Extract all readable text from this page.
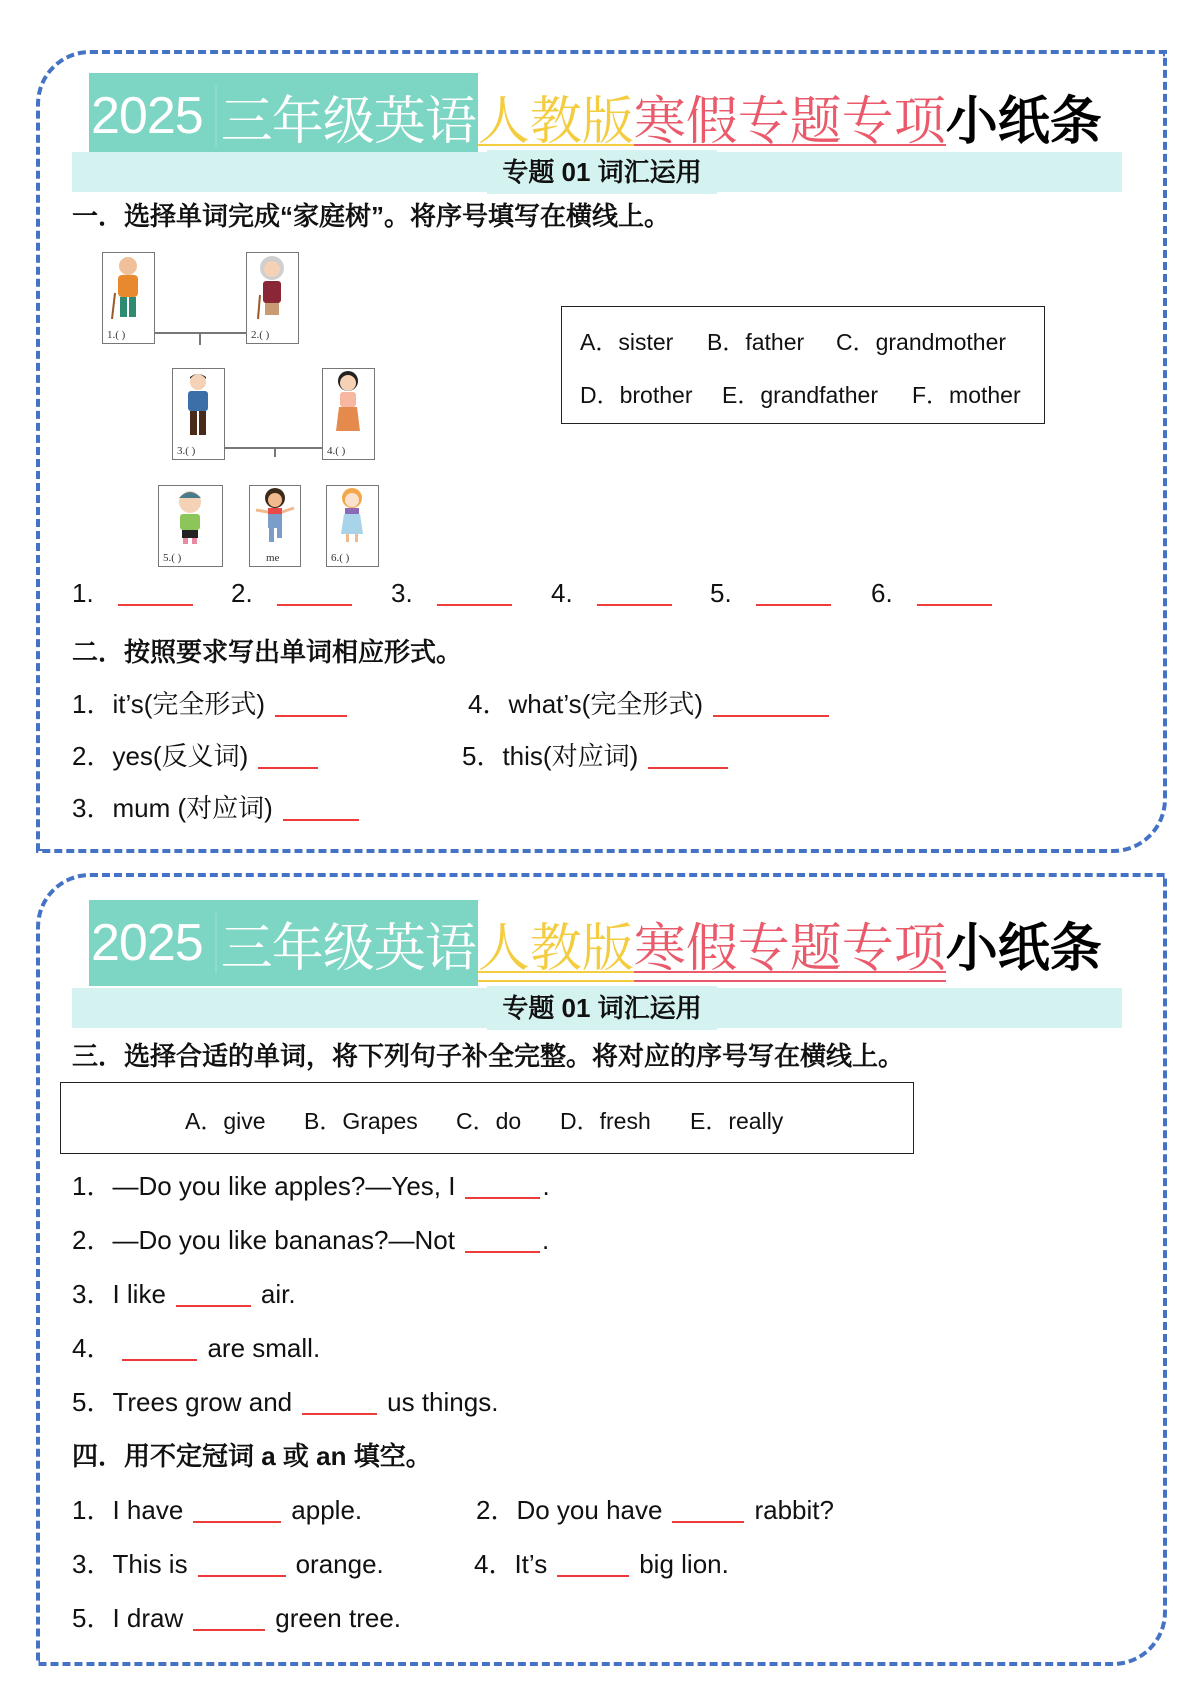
2025 三年级英语 人教版 寒假专题专项 小纸条
专题 01 词汇运用
一．选择单词完成“家庭树”。将序号填写在横线上。
1.( )	2.( )
3.( )	4.( )
5.( )	me	6.( )
A．sister B．father C．grandmother
D．brother E．grandfather F．mother
1.	2.	3.	4.	5.	6.
二．按照要求写出单词相应形式。
1．it’s(完全形式)
2．yes(反义词)
3．mum (对应词)
4．what’s(完全形式)
5．this(对应词)
2025 三年级英语 人教版 寒假专题专项 小纸条
专题 01 词汇运用
三．选择合适的单词，将下列句子补全完整。将对应的序号写在横线上。
A．give B．Grapes C．do D．fresh E．really
1．—Do you like apples?—Yes, I	.
2．—Do you like bananas?—Not	.
3．I like	air.
4．	are small.
5．Trees grow and	us things.
四．用不定冠词 a 或 an 填空。
1．I have	apple.	2．Do you have	rabbit?
3．This is	orange.	4．It’s	big lion.
5．I draw	green tree.
